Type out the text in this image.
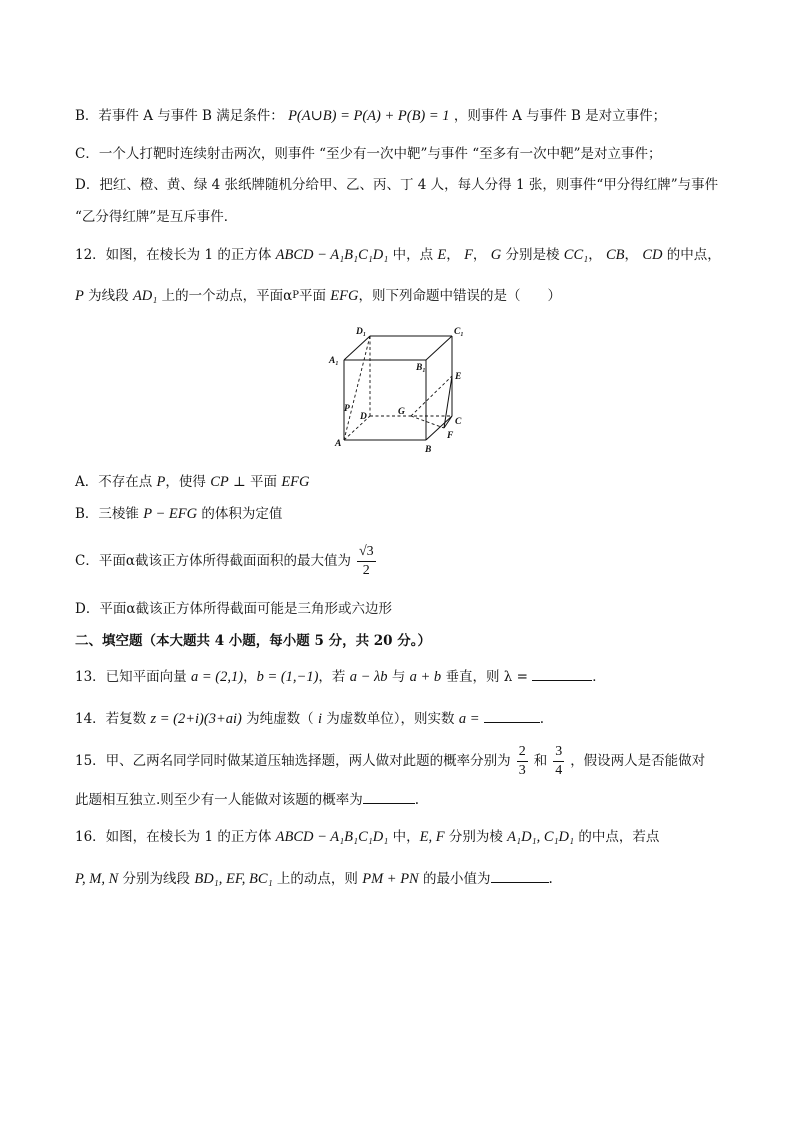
B．若事件 A 与事件 B 满足条件： P(A∪B) = P(A) + P(B) = 1 ，则事件 A 与事件 B 是对立事件；
C．一个人打靶时连续射击两次，则事件 “至少有一次中靶”与事件 “至多有一次中靶”是对立事件；
D．把红、橙、黄、绿 4 张纸牌随机分给甲、乙、丙、丁 4 人，每人分得 1 张，则事件“甲分得红牌”与事件
“乙分得红牌”是互斥事件．
12．如图，在棱长为 1 的正方体 ABCD − A₁B₁C₁D₁ 中，点 E， F， G 分别是棱 CC₁， CB， CD 的中点，
P 为线段 AD₁ 上的一个动点，平面αΡ平面 EFG，则下列命题中错误的是（　　）
D₁	C₁
A₁
B₁
E
P
D	G
C
F
A
B
A．不存在点 P，使得 CP ⊥ 平面 EFG
B．三棱锥 P − EFG 的体积为定值
C．平面α截该正方体所得截面面积的最大值为 $\frac{√3}{2}$
D．平面α截该正方体所得截面可能是三角形或六边形
二、填空题（本大题共 4 小题，每小题 5 分，共 20 分。）
13．已知平面向量 a = (2,1)，b = (1,−1)，若 a − λb 与 a + b 垂直，则 λ =	．
14．若复数 z = (2+i)(3+ai) 为纯虚数（ i 为虚数单位），则实数 a =	.
15．甲、乙两名同学同时做某道压轴选择题，两人做对此题的概率分别为 $\frac{2}{3}$ 和 $\frac{3}{4}$ ，假设两人是否能做对
此题相互独立.则至少有一人能做对该题的概率为	.
16．如图，在棱长为 1 的正方体 ABCD − A₁B₁C₁D₁ 中，E, F 分别为棱 A₁D₁, C₁D₁ 的中点，若点
P, M, N 分别为线段 BD₁, EF, BC₁ 上的动点，则 PM + PN 的最小值为	.
